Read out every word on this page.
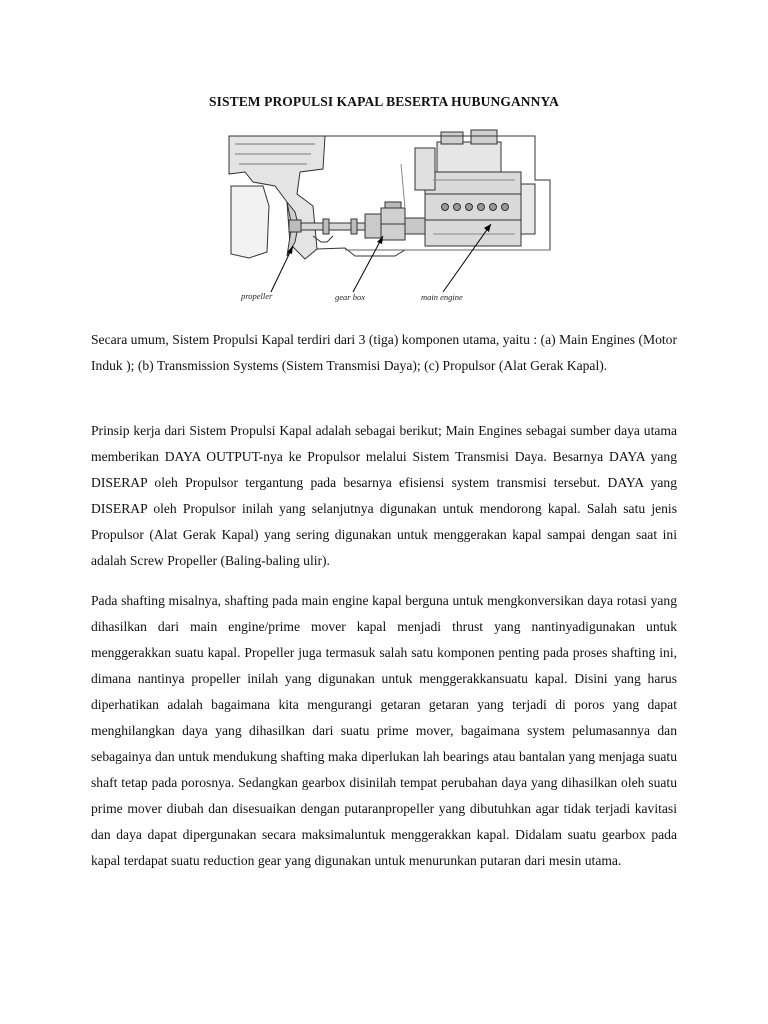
SISTEM PROPULSI KAPAL BESERTA HUBUNGANNYA
propeller	gear box	main engine

Secara umum, Sistem Propulsi Kapal terdiri dari 3 (tiga) komponen utama, yaitu : (a) Main Engines (Motor Induk ); (b) Transmission Systems (Sistem Transmisi Daya); (c) Propulsor (Alat Gerak Kapal).

Prinsip kerja dari Sistem Propulsi Kapal adalah sebagai berikut; Main Engines sebagai sumber daya utama memberikan DAYA OUTPUT-nya ke Propulsor melalui Sistem Transmisi Daya. Besarnya DAYA yang DISERAP oleh Propulsor tergantung pada besarnya efisiensi system transmisi tersebut. DAYA yang DISERAP oleh Propulsor inilah yang selanjutnya digunakan untuk mendorong kapal. Salah satu jenis Propulsor (Alat Gerak Kapal) yang sering digunakan untuk menggerakan kapal sampai dengan saat ini adalah Screw Propeller (Baling-baling ulir).

Pada shafting misalnya, shafting pada main engine kapal berguna untuk mengkonversikan daya rotasi yang dihasilkan dari main engine/prime mover kapal menjadi thrust yang nantinyadigunakan untuk menggerakkan suatu kapal. Propeller juga termasuk salah satu komponen penting pada proses shafting ini, dimana nantinya propeller inilah yang digunakan untuk menggerakkansuatu kapal. Disini yang harus diperhatikan adalah bagaimana kita mengurangi getaran getaran yang terjadi di poros yang dapat menghilangkan daya yang dihasilkan dari suatu prime mover, bagaimana system pelumasannya dan sebagainya dan untuk mendukung shafting maka diperlukan lah bearings atau bantalan yang menjaga suatu shaft tetap pada porosnya. Sedangkan gearbox disinilah tempat perubahan daya yang dihasilkan oleh suatu prime mover diubah dan disesuaikan dengan putaranpropeller yang dibutuhkan agar tidak terjadi kavitasi dan daya dapat dipergunakan secara maksimaluntuk menggerakkan kapal. Didalam suatu gearbox pada kapal terdapat suatu reduction gear yang digunakan untuk menurunkan putaran dari mesin utama.
